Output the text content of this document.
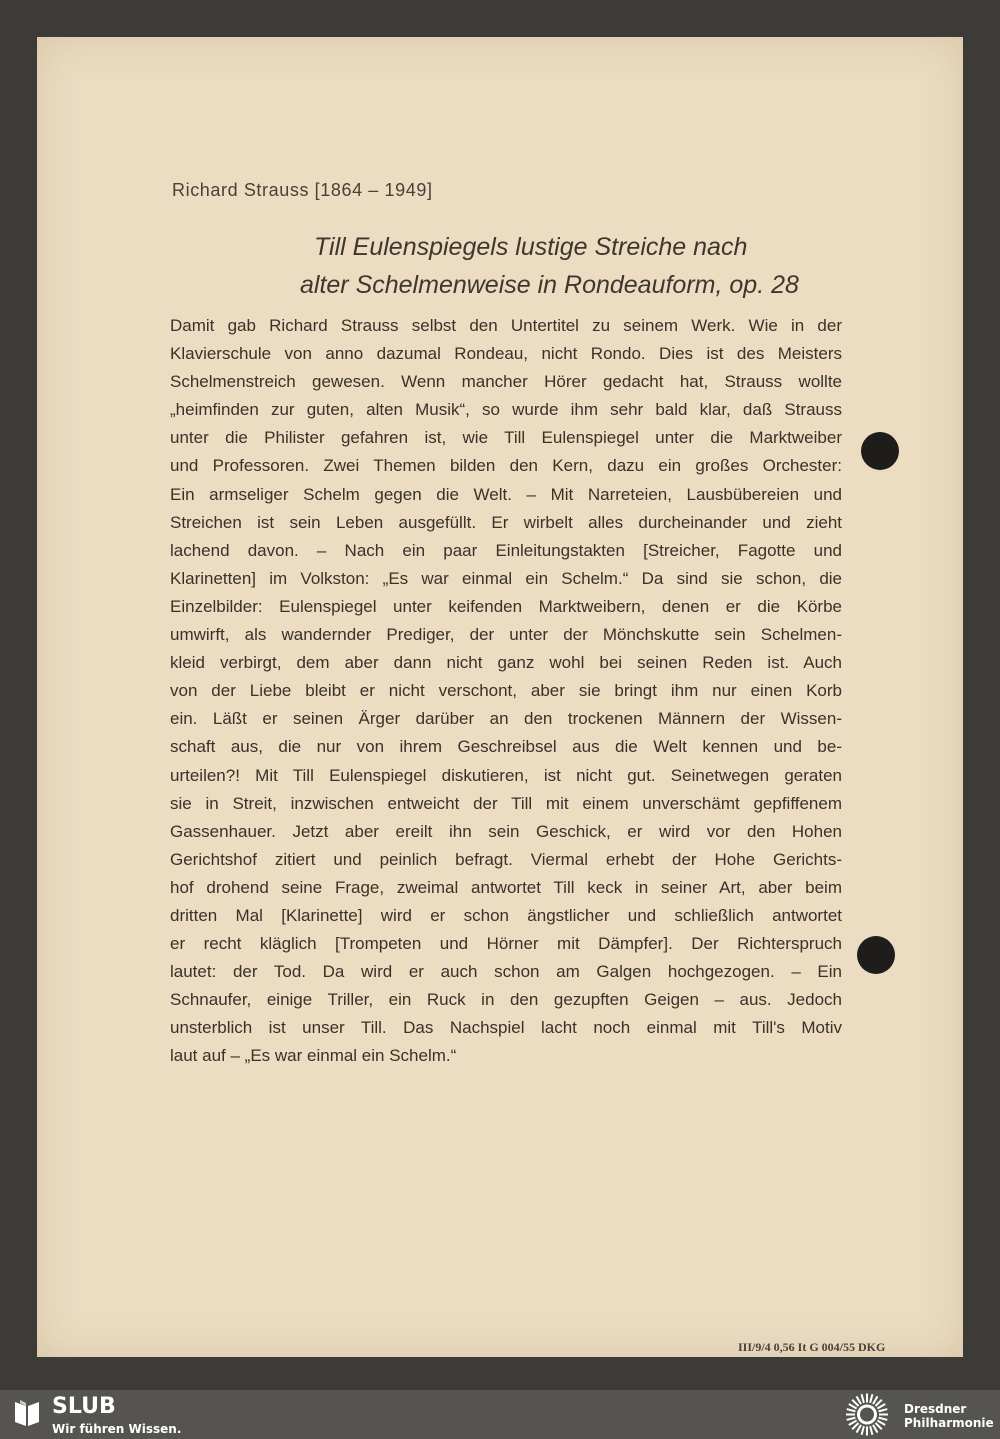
Richard Strauss [1864 – 1949]
Till Eulenspiegels lustige Streiche nach
alter Schelmenweise in Rondeauform, op. 28
Damit gab Richard Strauss selbst den Untertitel zu seinem Werk. Wie in der
Klavierschule von anno dazumal Rondeau, nicht Rondo. Dies ist des Meisters
Schelmenstreich gewesen. Wenn mancher Hörer gedacht hat, Strauss wollte
„heimfinden zur guten, alten Musik“, so wurde ihm sehr bald klar, daß Strauss
unter die Philister gefahren ist, wie Till Eulenspiegel unter die Marktweiber
und Professoren. Zwei Themen bilden den Kern, dazu ein großes Orchester:
Ein armseliger Schelm gegen die Welt. – Mit Narreteien, Lausbübereien und
Streichen ist sein Leben ausgefüllt. Er wirbelt alles durcheinander und zieht
lachend davon. – Nach ein paar Einleitungstakten [Streicher, Fagotte und
Klarinetten] im Volkston: „Es war einmal ein Schelm.“ Da sind sie schon, die
Einzelbilder: Eulenspiegel unter keifenden Marktweibern, denen er die Körbe
umwirft, als wandernder Prediger, der unter der Mönchskutte sein Schelmen-
kleid verbirgt, dem aber dann nicht ganz wohl bei seinen Reden ist. Auch
von der Liebe bleibt er nicht verschont, aber sie bringt ihm nur einen Korb
ein. Läßt er seinen Ärger darüber an den trockenen Männern der Wissen-
schaft aus, die nur von ihrem Geschreibsel aus die Welt kennen und be-
urteilen?! Mit Till Eulenspiegel diskutieren, ist nicht gut. Seinetwegen geraten
sie in Streit, inzwischen entweicht der Till mit einem unverschämt gepfiffenem
Gassenhauer. Jetzt aber ereilt ihn sein Geschick, er wird vor den Hohen
Gerichtshof zitiert und peinlich befragt. Viermal erhebt der Hohe Gerichts-
hof drohend seine Frage, zweimal antwortet Till keck in seiner Art, aber beim
dritten Mal [Klarinette] wird er schon ängstlicher und schließlich antwortet
er recht kläglich [Trompeten und Hörner mit Dämpfer]. Der Richterspruch
lautet: der Tod. Da wird er auch schon am Galgen hochgezogen. – Ein
Schnaufer, einige Triller, ein Ruck in den gezupften Geigen – aus. Jedoch
unsterblich ist unser Till. Das Nachspiel lacht noch einmal mit Till's Motiv
laut auf – „Es war einmal ein Schelm.“
III/9/4 0,56 It G 004/55 DKG
SLUB
Wir führen Wissen.
Dresdner
Philharmonie
